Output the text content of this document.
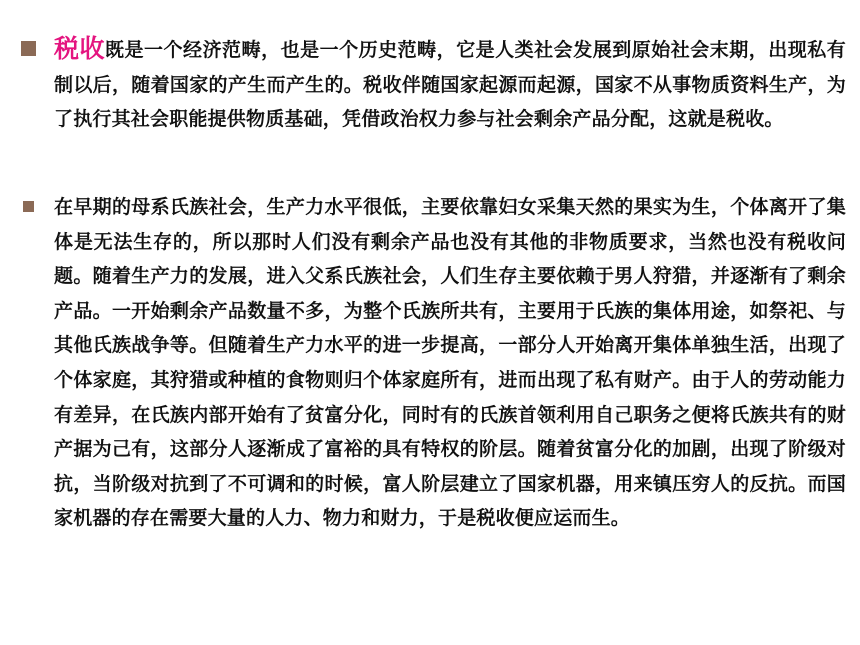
税收既是一个经济范畴，也是一个历史范畴，它是人类社会发展到原始社会末期，出现私有制以后，随着国家的产生而产生的。税收伴随国家起源而起源，国家不从事物质资料生产，为了执行其社会职能提供物质基础，凭借政治权力参与社会剩余产品分配，这就是税收。
在早期的母系氏族社会，生产力水平很低，主要依靠妇女采集天然的果实为生，个体离开了集体是无法生存的，所以那时人们没有剩余产品也没有其他的非物质要求，当然也没有税收问题。随着生产力的发展，进入父系氏族社会，人们生存主要依赖于男人狩猎，并逐渐有了剩余产品。一开始剩余产品数量不多，为整个氏族所共有，主要用于氏族的集体用途，如祭祀、与其他氏族战争等。但随着生产力水平的进一步提高，一部分人开始离开集体单独生活，出现了个体家庭，其狩猎或种植的食物则归个体家庭所有，进而出现了私有财产。由于人的劳动能力有差异，在氏族内部开始有了贫富分化，同时有的氏族首领利用自己职务之便将氏族共有的财产据为己有，这部分人逐渐成了富裕的具有特权的阶层。随着贫富分化的加剧，出现了阶级对抗，当阶级对抗到了不可调和的时候，富人阶层建立了国家机器，用来镇压穷人的反抗。而国家机器的存在需要大量的人力、物力和财力，于是税收便应运而生。
